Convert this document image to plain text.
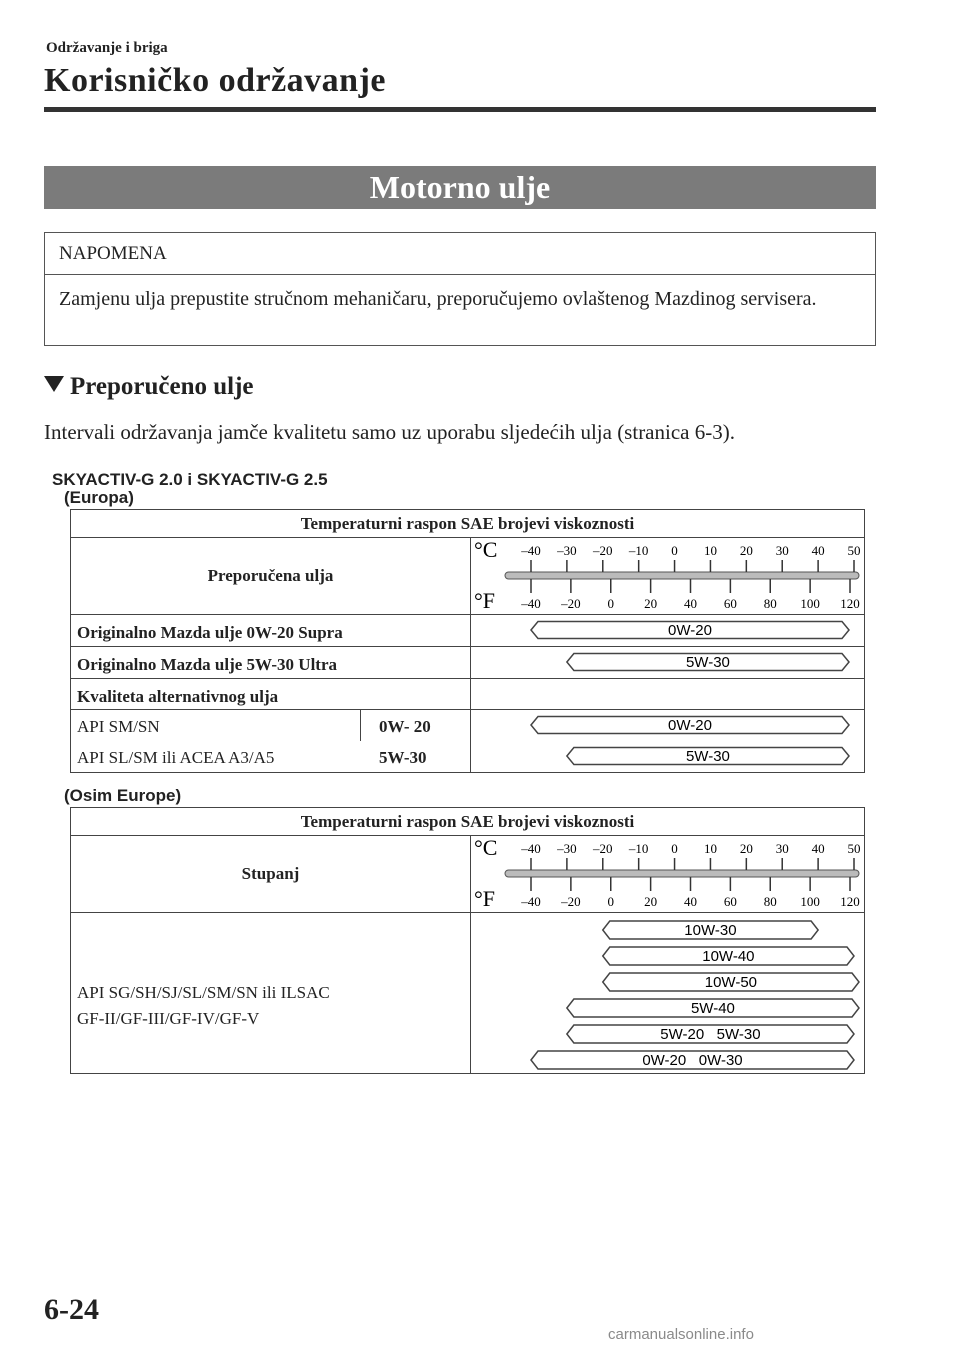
Održavanje i briga
Korisničko održavanje
Motorno ulje
NAPOMENA
Zamjenu ulja prepustite stručnom mehaničaru, preporučujemo ovlaštenog Mazdinog servisera.
Preporučeno ulje
Intervali održavanja jamče kvalitetu samo uz uporabu sljedećih ulja (stranica 6-3).
SKYACTIV-G 2.0 i SKYACTIV-G 2.5
(Europa)
Temperaturni raspon SAE brojevi viskoznosti
Preporučena ulja
°C
°F
–40 –30 –20 –10 0 10 20 30 40 50
–40 –20 0 20 40 60 80 100 120
Originalno Mazda ulje 0W-20 Supra	0W-20
Originalno Mazda ulje 5W-30 Ultra	5W-30
Kvaliteta alternativnog ulja
API SM/SN	0W- 20	0W-20
API SL/SM ili ACEA A3/A5	5W-30	5W-30
(Osim Europe)
Temperaturni raspon SAE brojevi viskoznosti
Stupanj
°C
°F
–40 –30 –20 –10 0 10 20 30 40 50
–40 –20 0 20 40 60 80 100 120
API SG/SH/SJ/SL/SM/SN ili ILSAC
GF-II/GF-III/GF-IV/GF-V
10W-30
10W-40
10W-50
5W-40
5W-20   5W-30
0W-20   0W-30
6-24
carmanualsonline.info
